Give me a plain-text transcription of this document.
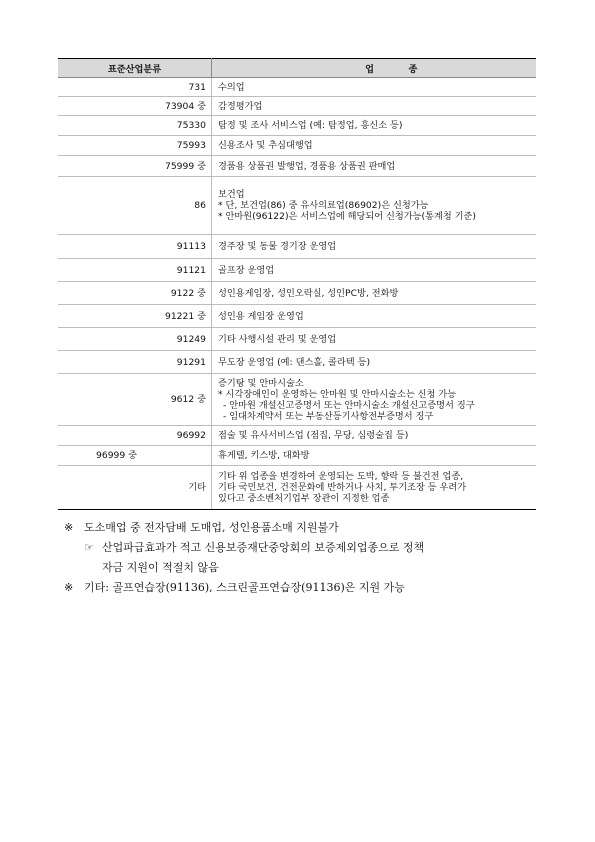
표준산업분류	업 종
731	수의업

73904 중	감정평가업

75330	탐정 및 조사 서비스업 (예: 탐정업, 흥신소 등)

75993	신용조사 및 추심대행업

75999 중	경품용 상품권 발행업, 경품용 상품권 판매업

86	보건업
* 단, 보건업(86) 중 유사의료업(86902)은 신청가능
* 안마원(96122)은 서비스업에 해당되어 신청가능(통계청 기준)

91113	경주장 및 동물 경기장 운영업

91121	골프장 운영업

9122 중	성인용게임장, 성인오락실, 성인PC방, 전화방

91221 중	성인용 게임장 운영업

91249	기타 사행시설 관리 및 운영업

91291	무도장 운영업 (예: 댄스홀, 콜라텍 등)

9612 중	증기탕 및 안마시술소
* 시각장애인이 운영하는 안마원 및 안마시술소는 신청 가능
- 안마원 개설신고증명서 또는 안마시술소 개설신고증명서 징구
- 임대차계약서 또는 부동산등기사항전부증명서 징구

96992	점술 및 유사서비스업 (점집, 무당, 심령술집 등)

96999 중	휴게텔, 키스방, 대화방

기타	기타 위 업종을 변경하여 운영되는 도박, 향락 등 불건전 업종,
기타 국민보건, 건전문화에 반하거나 사치, 투기조장 등 우려가
있다고 중소벤처기업부 장관이 지정한 업종
※ 도소매업 중 전자담배 도매업, 성인용품소매 지원불가
☞ 산업파급효과가 적고 신용보증재단중앙회의 보증제외업종으로 정책
자금 지원이 적절치 않음
※ 기타: 골프연습장(91136), 스크린골프연습장(91136)은 지원 가능
